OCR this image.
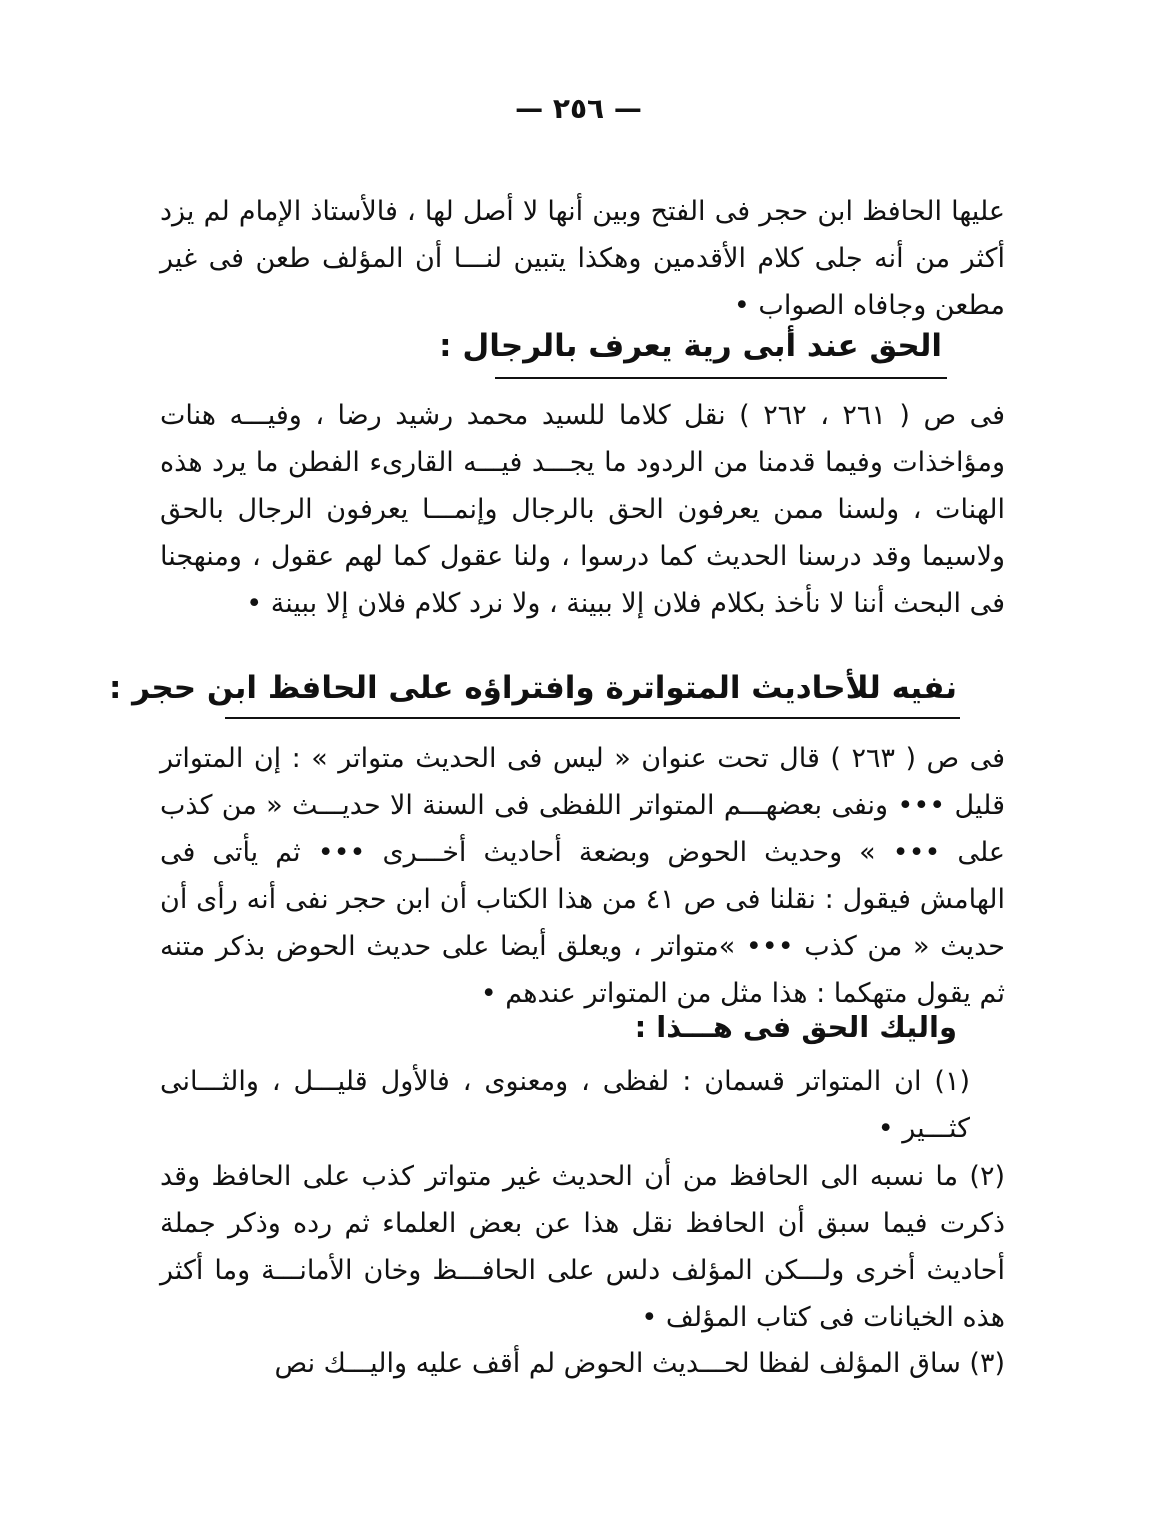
— ٢٥٦ —
عليها الحافظ ابن حجر فى الفتح وبين أنها لا أصل لها ، فالأستاذ الإمام لم يزد أكثر من أنه جلى كلام الأقدمين وهكذا يتبين لنـــا أن المؤلف طعن فى غير مطعن وجافاه الصواب •
الحق عند أبى رية يعرف بالرجال :
فى ص ( ٢٦١ ، ٢٦٢ ) نقل كلاما للسيد محمد رشيد رضا ، وفيـــه هنات ومؤاخذات وفيما قدمنا من الردود ما يجـــد فيـــه القارىء الفطن ما يرد هذه الهنات ، ولسنا ممن يعرفون الحق بالرجال وإنمـــا يعرفون الرجال بالحق ولاسيما وقد درسنا الحديث كما درسوا ، ولنا عقول كما لهم عقول ، ومنهجنا فى البحث أننا لا نأخذ بكلام فلان إلا ببينة ، ولا نرد كلام فلان إلا ببينة •
نفيه للأحاديث المتواترة وافتراؤه على الحافظ ابن حجر :
فى ص ( ٢٦٣ ) قال تحت عنوان « ليس فى الحديث متواتر » : إن المتواتر قليل ••• ونفى بعضهـــم المتواتر اللفظى فى السنة الا حديـــث « من كذب على ••• » وحديث الحوض وبضعة أحاديث أخـــرى ••• ثم يأتى فى الهامش فيقول : نقلنا فى ص ٤١ من هذا الكتاب أن ابن حجر نفى أنه رأى أن حديث « من كذب ••• »متواتر ، ويعلق أيضا على حديث الحوض بذكر متنه ثم يقول متهكما : هذا مثل من المتواتر عندهم •
واليك الحق فى هـــذا :
(١) ان المتواتر قسمان : لفظى ، ومعنوى ، فالأول قليـــل ، والثـــانى كثـــير •
(٢) ما نسبه الى الحافظ من أن الحديث غير متواتر كذب على الحافظ وقد ذكرت فيما سبق أن الحافظ نقل هذا عن بعض العلماء ثم رده وذكر جملة أحاديث أخرى ولـــكن المؤلف دلس على الحافـــظ وخان الأمانـــة وما أكثر هذه الخيانات فى كتاب المؤلف •
(٣) ساق المؤلف لفظا لحـــديث الحوض لم أقف عليه واليـــك نص
